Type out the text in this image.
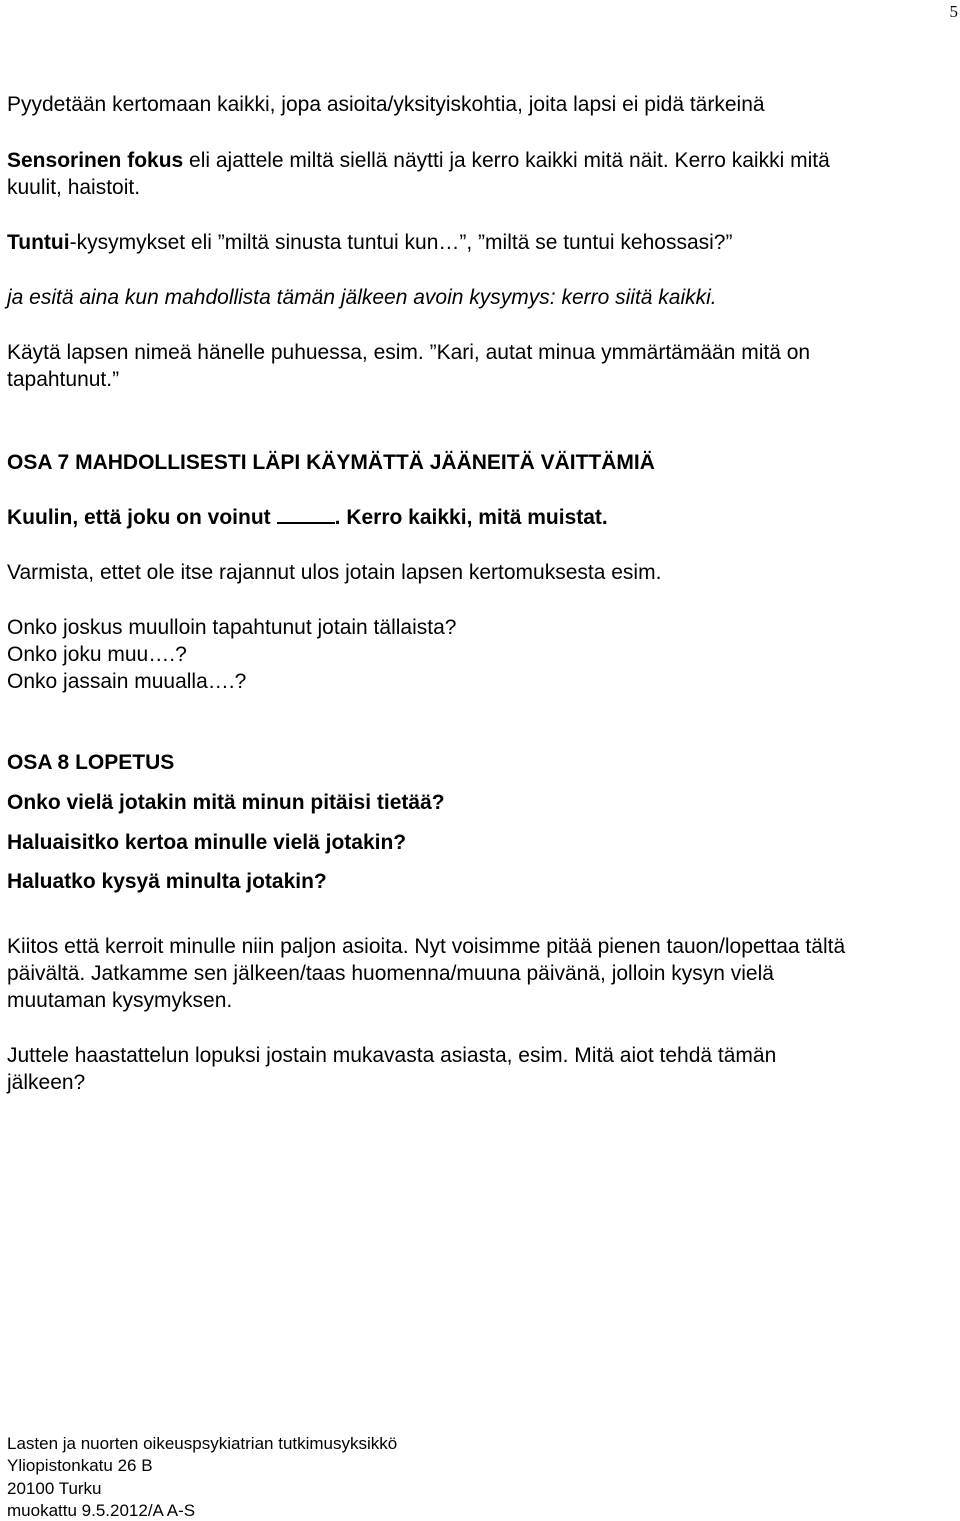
5
Pyydetään kertomaan kaikki, jopa asioita/yksityiskohtia, joita lapsi ei pidä tärkeinä
Sensorinen fokus eli ajattele miltä siellä näytti ja kerro kaikki mitä näit. Kerro kaikki mitä
kuulit, haistoit.
Tuntui-kysymykset eli ”miltä sinusta tuntui kun…”, ”miltä se tuntui kehossasi?”
ja esitä aina kun mahdollista tämän jälkeen avoin kysymys: kerro siitä kaikki.
Käytä lapsen nimeä hänelle puhuessa, esim. ”Kari, autat minua ymmärtämään mitä on
tapahtunut.”
OSA 7 MAHDOLLISESTI LÄPI KÄYMÄTTÄ JÄÄNEITÄ VÄITTÄMIÄ
Kuulin, että joku on voinut	. Kerro kaikki, mitä muistat.
Varmista, ettet ole itse rajannut ulos jotain lapsen kertomuksesta esim.
Onko joskus muulloin tapahtunut jotain tällaista?
Onko joku muu….?
Onko jassain muualla….?
OSA 8 LOPETUS
Onko vielä jotakin mitä minun pitäisi tietää?
Haluaisitko kertoa minulle vielä jotakin?
Haluatko kysyä minulta jotakin?
Kiitos että kerroit minulle niin paljon asioita. Nyt voisimme pitää pienen tauon/lopettaa tältä
päivältä. Jatkamme sen jälkeen/taas huomenna/muuna päivänä, jolloin kysyn vielä
muutaman kysymyksen.
Juttele haastattelun lopuksi jostain mukavasta asiasta, esim. Mitä aiot tehdä tämän
jälkeen?
Lasten ja nuorten oikeuspsykiatrian tutkimusyksikkö
Yliopistonkatu 26 B
20100 Turku
muokattu 9.5.2012/A A-S
